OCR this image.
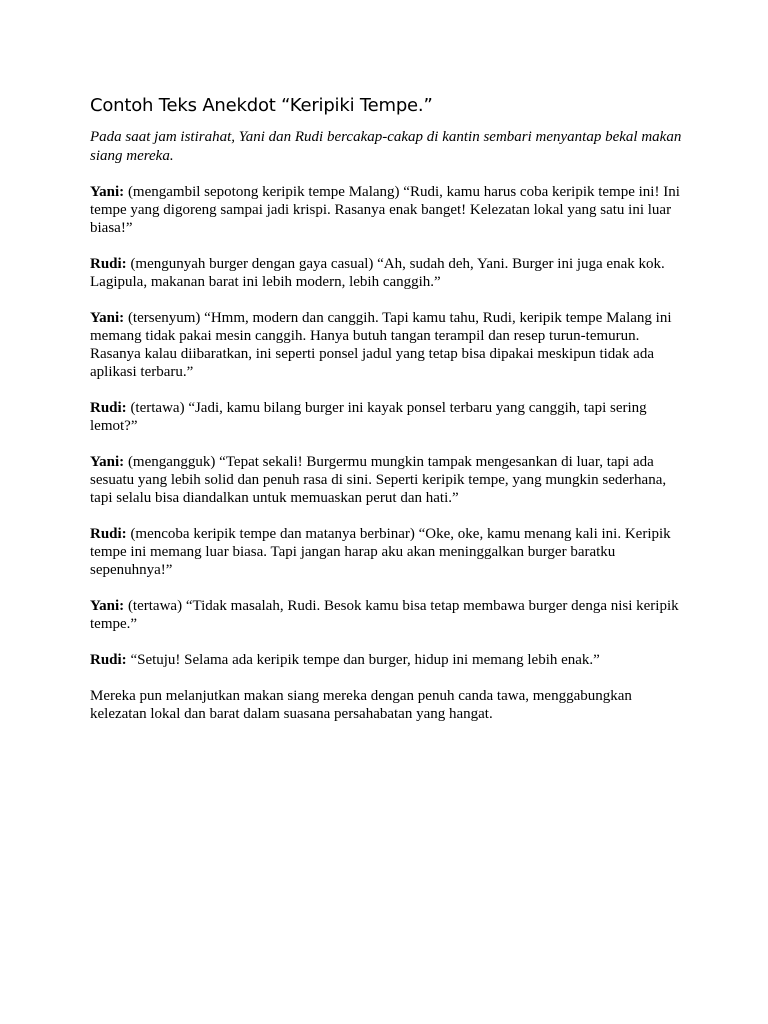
Contoh Teks Anekdot “Keripiki Tempe.”

Pada saat jam istirahat, Yani dan Rudi bercakap-cakap di kantin sembari menyantap bekal makan siang mereka.

Yani: (mengambil sepotong keripik tempe Malang) “Rudi, kamu harus coba keripik tempe ini! Ini tempe yang digoreng sampai jadi krispi. Rasanya enak banget! Kelezatan lokal yang satu ini luar biasa!”

Rudi: (mengunyah burger dengan gaya casual) “Ah, sudah deh, Yani. Burger ini juga enak kok. Lagipula, makanan barat ini lebih modern, lebih canggih.”

Yani: (tersenyum) “Hmm, modern dan canggih. Tapi kamu tahu, Rudi, keripik tempe Malang ini memang tidak pakai mesin canggih. Hanya butuh tangan terampil dan resep turun-temurun. Rasanya kalau diibaratkan, ini seperti ponsel jadul yang tetap bisa dipakai meskipun tidak ada aplikasi terbaru.”

Rudi: (tertawa) “Jadi, kamu bilang burger ini kayak ponsel terbaru yang canggih, tapi sering lemot?”

Yani: (mengangguk) “Tepat sekali! Burgermu mungkin tampak mengesankan di luar, tapi ada sesuatu yang lebih solid dan penuh rasa di sini. Seperti keripik tempe, yang mungkin sederhana, tapi selalu bisa diandalkan untuk memuaskan perut dan hati.”

Rudi: (mencoba keripik tempe dan matanya berbinar) “Oke, oke, kamu menang kali ini. Keripik tempe ini memang luar biasa. Tapi jangan harap aku akan meninggalkan burger baratku sepenuhnya!”

Yani: (tertawa) “Tidak masalah, Rudi. Besok kamu bisa tetap membawa burger denga nisi keripik tempe.”

Rudi: “Setuju! Selama ada keripik tempe dan burger, hidup ini memang lebih enak.”

Mereka pun melanjutkan makan siang mereka dengan penuh canda tawa, menggabungkan kelezatan lokal dan barat dalam suasana persahabatan yang hangat.
